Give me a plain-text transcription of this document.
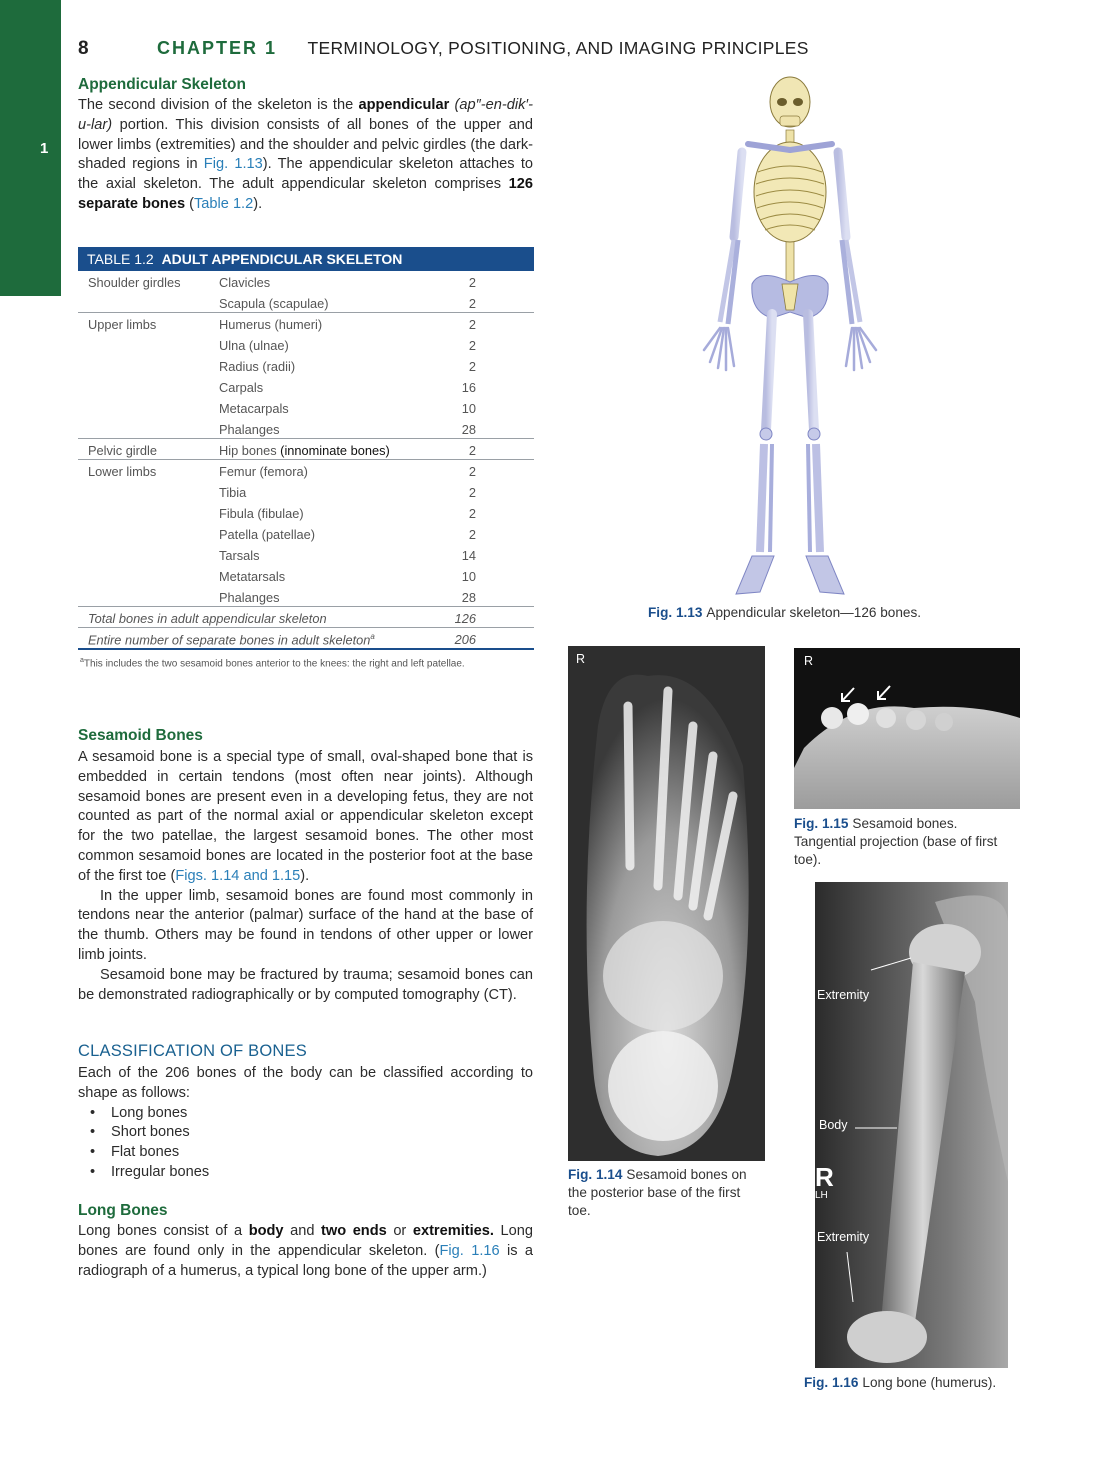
1
8	CHAPTER 1 TERMINOLOGY, POSITIONING, AND IMAGING PRINCIPLES
Appendicular Skeleton
The second division of the skeleton is the appendicular (ap″-en-dik′-u-lar) portion. This division consists of all bones of the upper and lower limbs (extremities) and the shoulder and pelvic girdles (the dark-shaded regions in Fig. 1.13). The appendicular skeleton attaches to the axial skeleton. The adult appendicular skeleton comprises 126 separate bones (Table 1.2).
TABLE 1.2 ADULT APPENDICULAR SKELETON
Shoulder girdles	Clavicles	2
Scapula (scapulae)	2
Upper limbs	Humerus (humeri)	2
Ulna (ulnae)	2
Radius (radii)	2
Carpals	16
Metacarpals	10
Phalanges	28
Pelvic girdle	Hip bones (innominate bones)	2
Lower limbs	Femur (femora)	2
Tibia	2
Fibula (fibulae)	2
Patella (patellae)	2
Tarsals	14
Metatarsals	10
Phalanges	28
Total bones in adult appendicular skeleton	126
Entire number of separate bones in adult skeleton$^a$	206
$^a$This includes the two sesamoid bones anterior to the knees: the right and left patellae.
Sesamoid Bones

A sesamoid bone is a special type of small, oval-shaped bone that is embedded in certain tendons (most often near joints). Although sesamoid bones are present even in a developing fetus, they are not counted as part of the normal axial or appendicular skeleton except for the two patellae, the largest sesamoid bones. The other most common sesamoid bones are located in the posterior foot at the base of the first toe (Figs. 1.14 and 1.15).

In the upper limb, sesamoid bones are found most commonly in tendons near the anterior (palmar) surface of the hand at the base of the thumb. Others may be found in tendons of other upper or lower limb joints.

Sesamoid bone may be fractured by trauma; sesamoid bones can be demonstrated radiographically or by computed tomography (CT).

CLASSIFICATION OF BONES
Each of the 206 bones of the body can be classified according to shape as follows:
• Long bones
• Short bones
• Flat bones
• Irregular bones
Long Bones
Long bones consist of a body and two ends or extremities. Long bones are found only in the appendicular skeleton. (Fig. 1.16 is a radiograph of a humerus, a typical long bone of the upper arm.)
Fig. 1.13 Appendicular skeleton—126 bones.
R
Fig. 1.14 Sesamoid bones on the posterior base of the first toe.
R
Fig. 1.15 Sesamoid bones. Tangential projection (base of first toe).
Extremity
Body
Extremity
R
LH
Fig. 1.16 Long bone (humerus).
